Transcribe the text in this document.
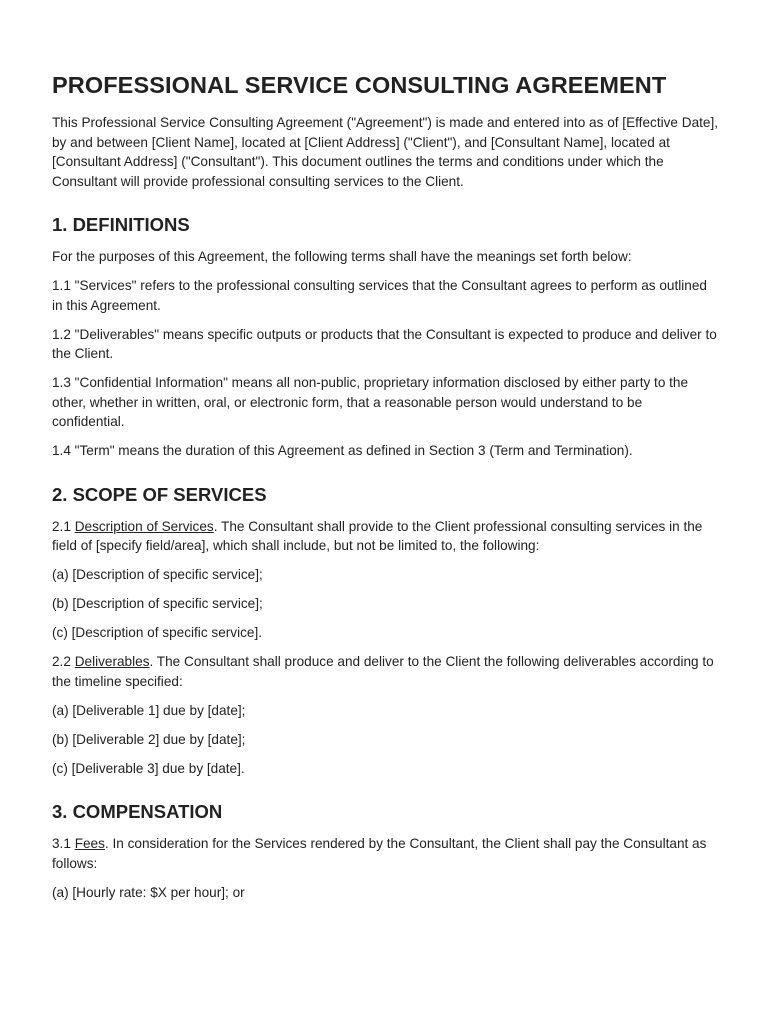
PROFESSIONAL SERVICE CONSULTING AGREEMENT

This Professional Service Consulting Agreement ("Agreement") is made and entered into as of [Effective Date], by and between [Client Name], located at [Client Address] ("Client"), and [Consultant Name], located at [Consultant Address] ("Consultant"). This document outlines the terms and conditions under which the Consultant will provide professional consulting services to the Client.

1. DEFINITIONS

For the purposes of this Agreement, the following terms shall have the meanings set forth below:

1.1 "Services" refers to the professional consulting services that the Consultant agrees to perform as outlined in this Agreement.

1.2 "Deliverables" means specific outputs or products that the Consultant is expected to produce and deliver to the Client.

1.3 "Confidential Information" means all non-public, proprietary information disclosed by either party to the other, whether in written, oral, or electronic form, that a reasonable person would understand to be confidential.

1.4 "Term" means the duration of this Agreement as defined in Section 3 (Term and Termination).

2. SCOPE OF SERVICES

2.1 Description of Services. The Consultant shall provide to the Client professional consulting services in the field of [specify field/area], which shall include, but not be limited to, the following:

(a) [Description of specific service];

(b) [Description of specific service];

(c) [Description of specific service].

2.2 Deliverables. The Consultant shall produce and deliver to the Client the following deliverables according to the timeline specified:

(a) [Deliverable 1] due by [date];

(b) [Deliverable 2] due by [date];

(c) [Deliverable 3] due by [date].

3. COMPENSATION

3.1 Fees. In consideration for the Services rendered by the Consultant, the Client shall pay the Consultant as follows:

(a) [Hourly rate: $X per hour]; or
